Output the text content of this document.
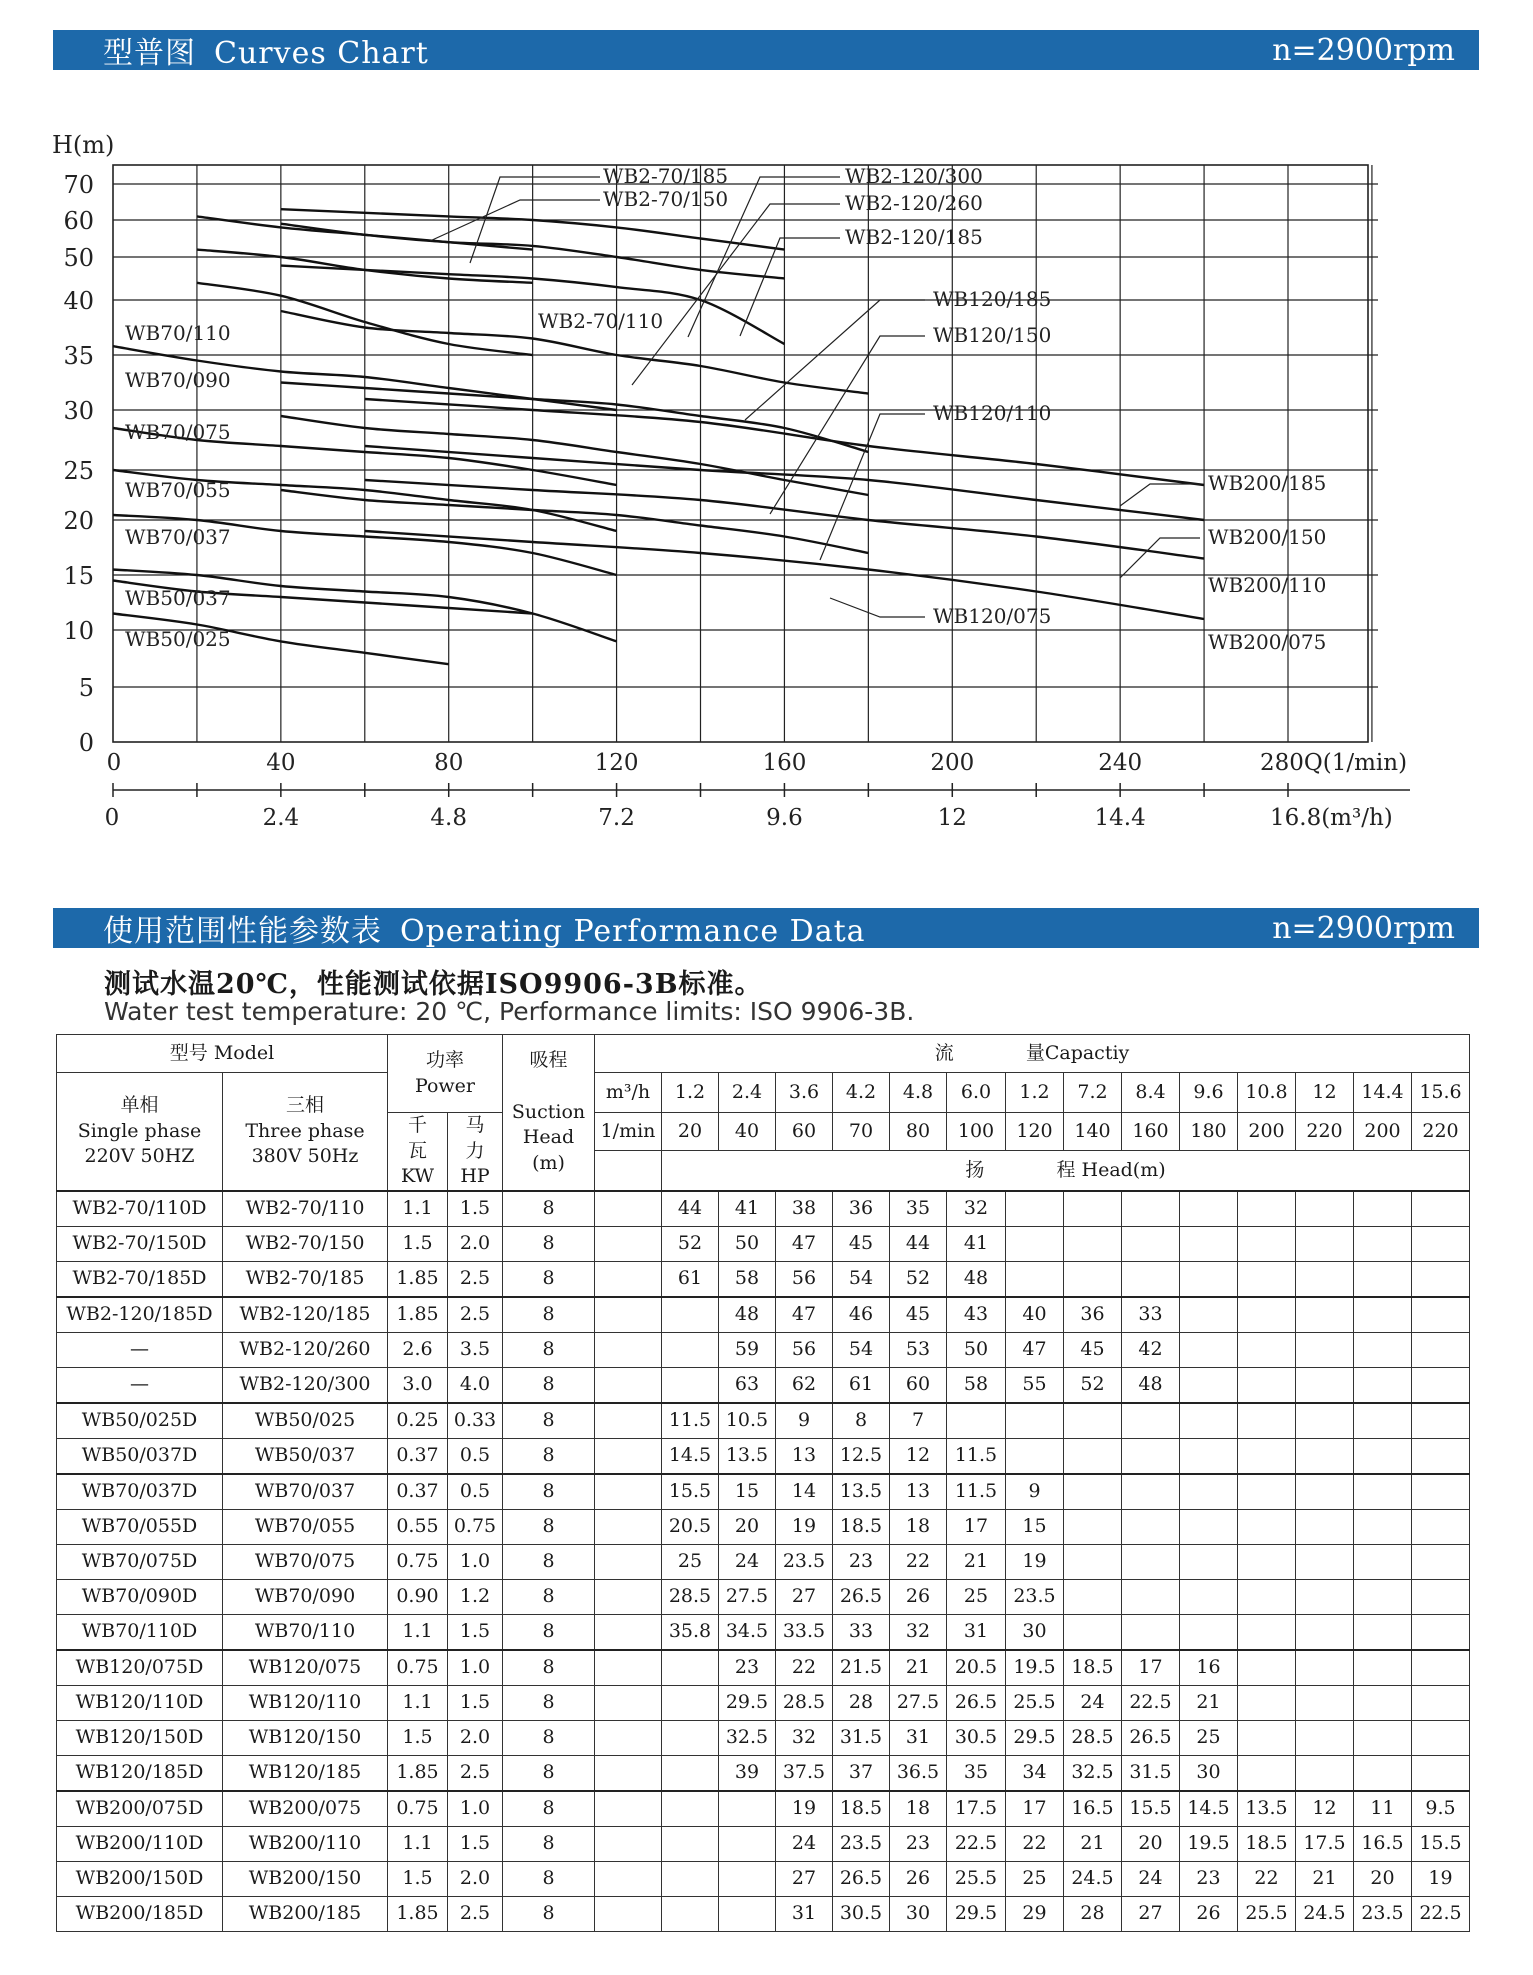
型普图 Curves Chart	n=2900rpm
H(m)
0
5
10
15
20
25
30
35
40
50
60
70
0	40	80	120	160	200	240	280Q(1/min)
0	2.4	4.8	7.2	9.6	12	14.4	16.8(m³/h)
WB2-70/185
WB2-70/150
WB2-120/300
WB2-120/260
WB2-120/185
WB2-70/110
WB120/185
WB120/150
WB120/110
WB120/075
WB70/110
WB70/090
WB70/075
WB70/055
WB70/037
WB50/037
WB50/025
WB200/185
WB200/150
WB200/110
WB200/075
使用范围性能参数表 Operating Performance Data	n=2900rpm
测试水温20℃，性能测试依据ISO9906-3B标准。
Water test temperature: 20 ℃, Performance limits: ISO 9906-3B.
型号 Model		功率
Power		吸程

Suction
Head
(m)	流 量Capactiy														
单相
Single phase
220V 50HZ	三相
Three phase
380V 50Hz				m³/h	1.2	2.4	3.6	4.2	4.8	6.0	1.2	7.2	8.4	9.6	10.8	12	14.4	15.6
		千
瓦
KW	马
力
HP		1/min	20	40	60	70	80	100	120	140	160	180	200	220	200	220
						扬 程 Head(m)													
WB2-70/110D	WB2-70/110	1.1	1.5	8		44	41	38	36	35	32								
WB2-70/150D	WB2-70/150	1.5	2.0	8		52	50	47	45	44	41								
WB2-70/185D	WB2-70/185	1.85	2.5	8		61	58	56	54	52	48								
WB2-120/185D	WB2-120/185	1.85	2.5	8			48	47	46	45	43	40	36	33					
—	WB2-120/260	2.6	3.5	8			59	56	54	53	50	47	45	42					
—	WB2-120/300	3.0	4.0	8			63	62	61	60	58	55	52	48					
WB50/025D	WB50/025	0.25	0.33	8		11.5	10.5	9	8	7									
WB50/037D	WB50/037	0.37	0.5	8		14.5	13.5	13	12.5	12	11.5								
WB70/037D	WB70/037	0.37	0.5	8		15.5	15	14	13.5	13	11.5	9							
WB70/055D	WB70/055	0.55	0.75	8		20.5	20	19	18.5	18	17	15							
WB70/075D	WB70/075	0.75	1.0	8		25	24	23.5	23	22	21	19							
WB70/090D	WB70/090	0.90	1.2	8		28.5	27.5	27	26.5	26	25	23.5							
WB70/110D	WB70/110	1.1	1.5	8		35.8	34.5	33.5	33	32	31	30							
WB120/075D	WB120/075	0.75	1.0	8			23	22	21.5	21	20.5	19.5	18.5	17	16				
WB120/110D	WB120/110	1.1	1.5	8			29.5	28.5	28	27.5	26.5	25.5	24	22.5	21				
WB120/150D	WB120/150	1.5	2.0	8			32.5	32	31.5	31	30.5	29.5	28.5	26.5	25				
WB120/185D	WB120/185	1.85	2.5	8			39	37.5	37	36.5	35	34	32.5	31.5	30				
WB200/075D	WB200/075	0.75	1.0	8				19	18.5	18	17.5	17	16.5	15.5	14.5	13.5	12	11	9.5
WB200/110D	WB200/110	1.1	1.5	8				24	23.5	23	22.5	22	21	20	19.5	18.5	17.5	16.5	15.5
WB200/150D	WB200/150	1.5	2.0	8				27	26.5	26	25.5	25	24.5	24	23	22	21	20	19
WB200/185D	WB200/185	1.85	2.5	8				31	30.5	30	29.5	29	28	27	26	25.5	24.5	23.5	22.5
